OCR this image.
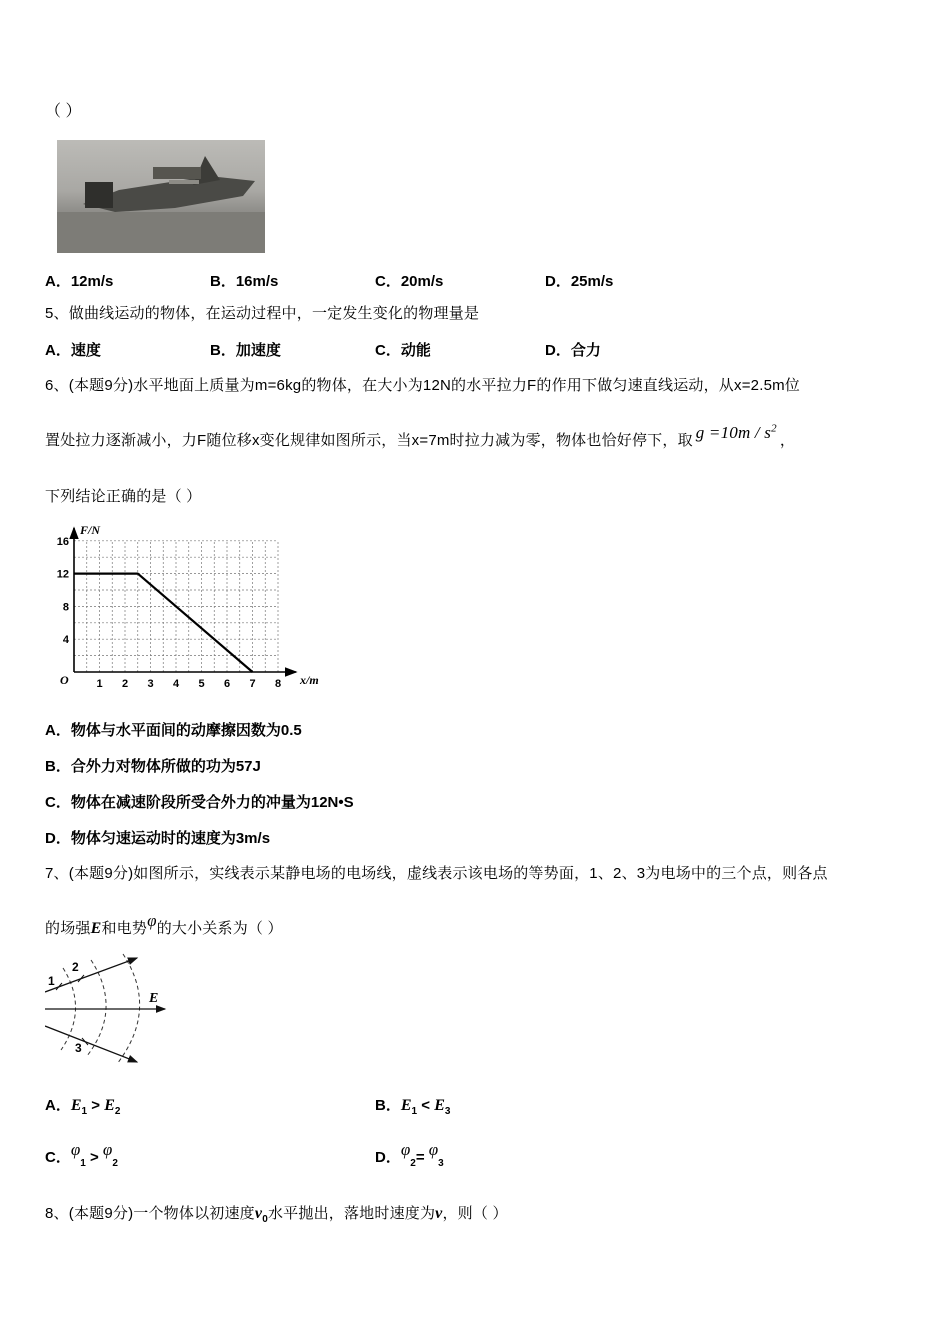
（ ）
A．12m/s	B．16m/s	C．20m/s	D．25m/s
5、做曲线运动的物体，在运动过程中，一定发生变化的物理量是
A．速度	B．加速度	C．动能	D．合力
6、(本题9分)水平地面上质量为m=6kg的物体，在大小为12N的水平拉力F的作用下做匀速直线运动，从x=2.5m位
置处拉力逐渐减小，力F随位移x变化规律如图所示，当x=7m时拉力减为零，物体也恰好停下，取 $g =10m / s^2$，
下列结论正确的是（ ）
F/N
x/m
O
4
8
12
16
1 2 3 4 5 6 7 8
A．物体与水平面间的动摩擦因数为0.5
B．合外力对物体所做的功为57J
C．物体在减速阶段所受合外力的冲量为12N•S
D．物体匀速运动时的速度为3m/s
7、(本题9分)如图所示，实线表示某静电场的电场线，虚线表示该电场的等势面，1、2、3为电场中的三个点，则各点
的场强E和电势φ的大小关系为（ ）
1
2
3
E
A．$E_1 > E_2$	B．$E_1 < E_3$
C．$\varphi_1 > \varphi_2$	D．$\varphi_2= \varphi_3$
8、(本题9分)一个物体以初速度$v_0$水平抛出，落地时速度为v，则（ ）
